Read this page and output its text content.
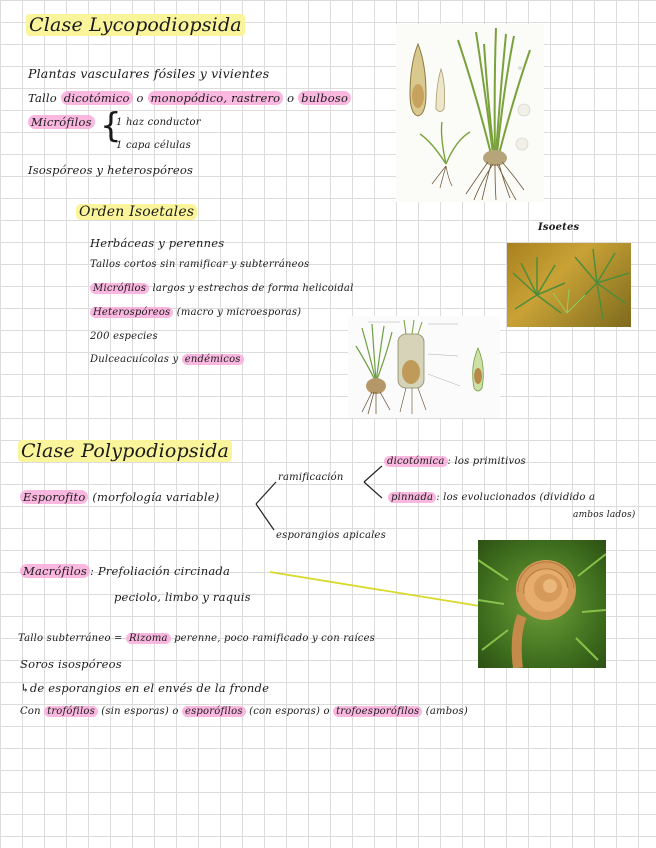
Clase Lycopodiopsida
Plantas vasculares fósiles y vivientes
Tallo dicotómico o monopódico, rastrero o bulboso
Micrófilos {
1 haz conductor
1 capa células
Isospóreos y heterospóreos
Orden Isoetales
Herbáceas y perennes
Tallos cortos sin ramificar y subterráneos
Micrófilos largos y estrechos de forma helicoidal
Heterospóreos (macro y microesporas)
200 especies
Dulceacuícolas y endémicos
Isoetes
Clase Polypodiopsida
Esporofito (morfología variable)
ramificación
dicotómica : los primitivos
pinnada : los evolucionados (dividido a
ambos lados)
esporangios apicales
Macrófilos : Prefoliación circinada
peciolo, limbo y raquis
Tallo subterráneo = Rizoma perenne, poco ramificado y con raíces
Soros isospóreos
↳de esporangios en el envés de la fronde
Con trofófilos (sin esporas) o esporófilos (con esporas) o trofoesporófilos (ambos)
